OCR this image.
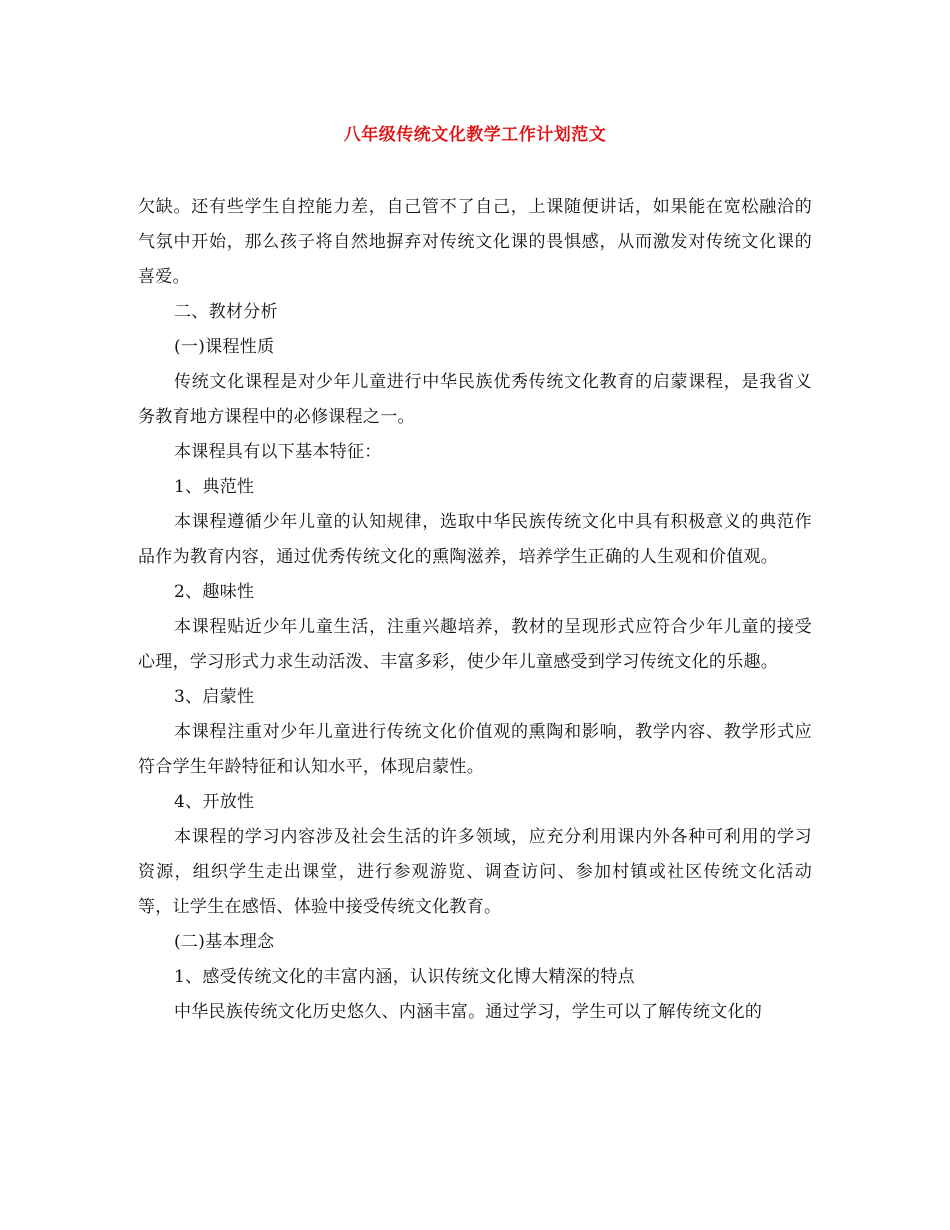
八年级传统文化教学工作计划范文

欠缺。还有些学生自控能力差，自己管不了自己，上课随便讲话，如果能在宽松融洽的气氛中开始，那么孩子将自然地摒弃对传统文化课的畏惧感，从而激发对传统文化课的喜爱。

二、教材分析

(一)课程性质

传统文化课程是对少年儿童进行中华民族优秀传统文化教育的启蒙课程，是我省义务教育地方课程中的必修课程之一。

本课程具有以下基本特征：

1、典范性

本课程遵循少年儿童的认知规律，选取中华民族传统文化中具有积极意义的典范作品作为教育内容，通过优秀传统文化的熏陶滋养，培养学生正确的人生观和价值观。

2、趣味性

本课程贴近少年儿童生活，注重兴趣培养，教材的呈现形式应符合少年儿童的接受心理，学习形式力求生动活泼、丰富多彩，使少年儿童感受到学习传统文化的乐趣。

3、启蒙性

本课程注重对少年儿童进行传统文化价值观的熏陶和影响，教学内容、教学形式应符合学生年龄特征和认知水平，体现启蒙性。

4、开放性

本课程的学习内容涉及社会生活的许多领域，应充分利用课内外各种可利用的学习资源，组织学生走出课堂，进行参观游览、调查访问、参加村镇或社区传统文化活动等，让学生在感悟、体验中接受传统文化教育。

(二)基本理念

1、感受传统文化的丰富内涵，认识传统文化博大精深的特点

中华民族传统文化历史悠久、内涵丰富。通过学习，学生可以了解传统文化的
